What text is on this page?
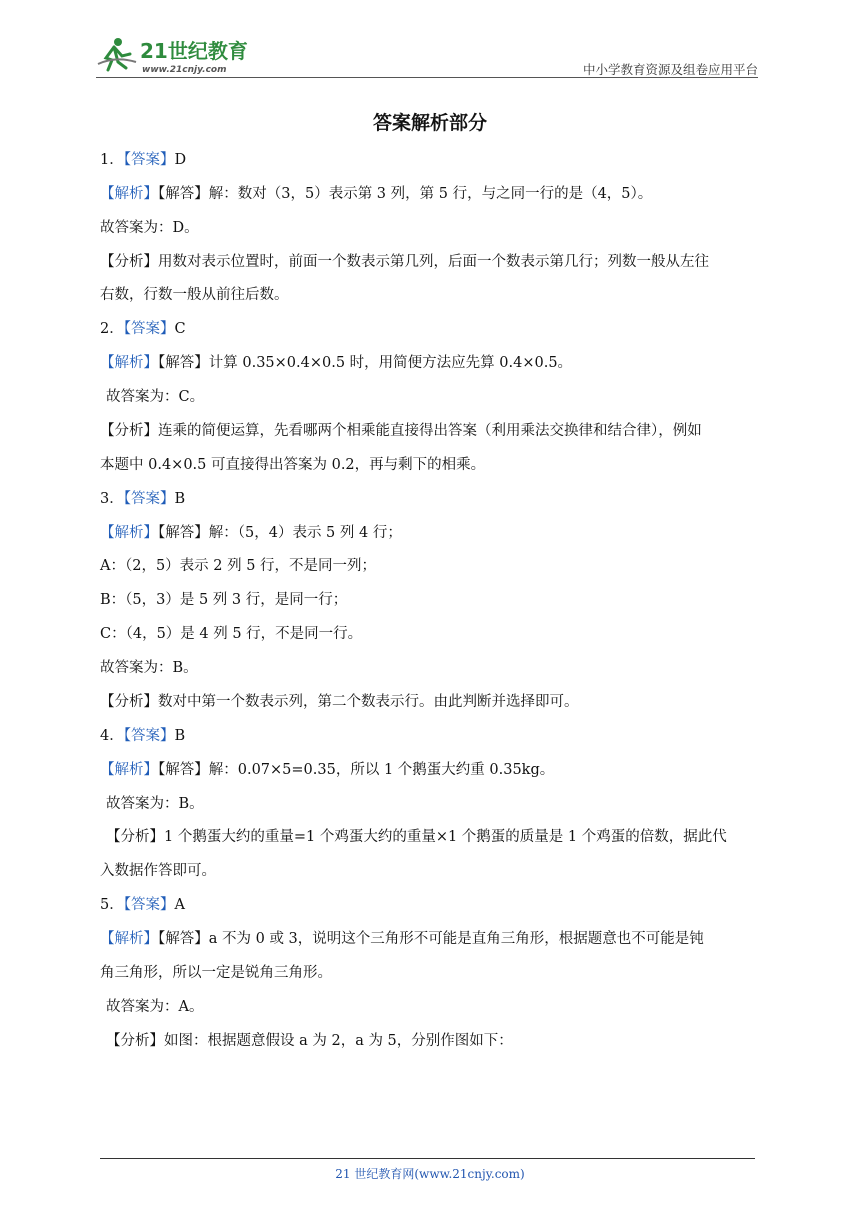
21世纪教育
www.21cnjy.com	中小学教育资源及组卷应用平台
答案解析部分
1．【答案】D
【解析】【解答】解：数对（3，5）表示第 3 列，第 5 行，与之同一行的是（4，5）。
故答案为：D。
【分析】用数对表示位置时，前面一个数表示第几列，后面一个数表示第几行；列数一般从左往
右数，行数一般从前往后数。
2．【答案】C
【解析】【解答】计算 0.35×0.4×0.5 时，用简便方法应先算 0.4×0.5。
故答案为：C。
【分析】连乘的简便运算，先看哪两个相乘能直接得出答案（利用乘法交换律和结合律），例如
本题中 0.4×0.5 可直接得出答案为 0.2，再与剩下的相乘。
3．【答案】B
【解析】【解答】解：（5，4）表示 5 列 4 行；
A：（2，5）表示 2 列 5 行，不是同一列；
B：（5，3）是 5 列 3 行，是同一行；
C：（4，5）是 4 列 5 行，不是同一行。
故答案为：B。
【分析】数对中第一个数表示列，第二个数表示行。由此判断并选择即可。
4．【答案】B
【解析】【解答】解：0.07×5=0.35，所以 1 个鹅蛋大约重 0.35kg。
故答案为：B。
【分析】1 个鹅蛋大约的重量=1 个鸡蛋大约的重量×1 个鹅蛋的质量是 1 个鸡蛋的倍数，据此代
入数据作答即可。
5．【答案】A
【解析】【解答】a 不为 0 或 3，说明这个三角形不可能是直角三角形，根据题意也不可能是钝
角三角形，所以一定是锐角三角形。
故答案为：A。
【分析】如图：根据题意假设 a 为 2，a 为 5，分别作图如下：
21 世纪教育网(www.21cnjy.com)
